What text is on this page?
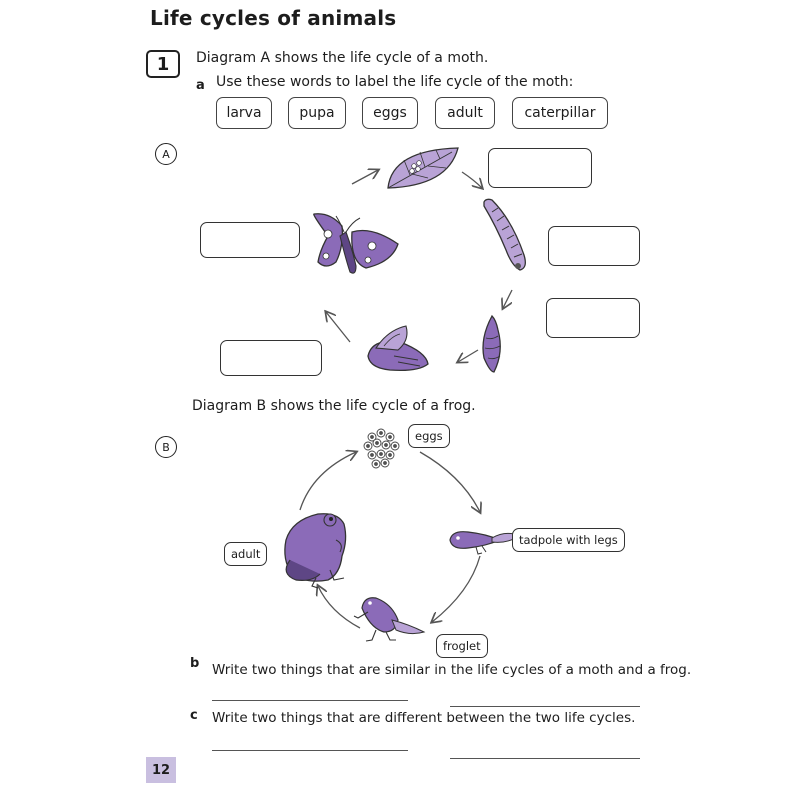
Life cycles of animals
1	Diagram A shows the life cycle of a moth.
a Use these words to label the life cycle of the moth:
larva	pupa	eggs	adult	caterpillar
A
Diagram B shows the life cycle of a frog.
B
eggs
tadpole with legs
froglet
adult
b Write two things that are similar in the life cycles of a moth and a frog.
c Write two things that are different between the two life cycles.
12
